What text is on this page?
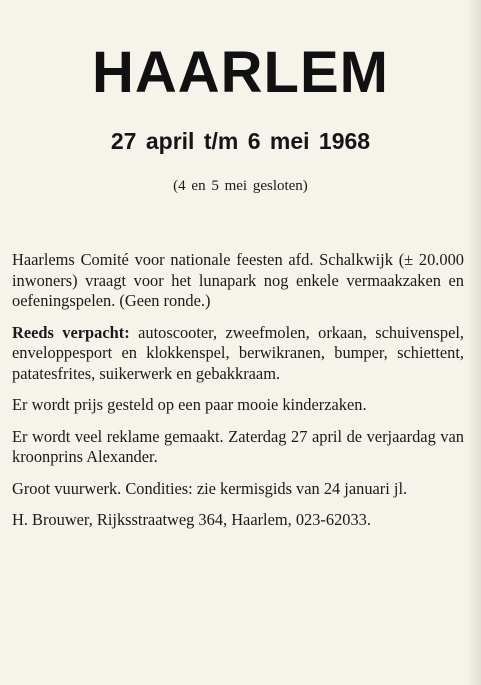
HAARLEM
27 april t/m 6 mei 1968
(4 en 5 mei gesloten)

Haarlems Comité voor nationale feesten afd. Schalkwijk (± 20.000 inwoners) vraagt voor het lunapark nog enkele vermaakzaken en oefeningspelen. (Geen ronde.)

Reeds verpacht: autoscooter, zweefmolen, orkaan, schuivenspel, enveloppesport en klokkenspel, berwikranen, bumper, schiettent, patatesfrites, suikerwerk en gebakkraam.

Er wordt prijs gesteld op een paar mooie kinderzaken.

Er wordt veel reklame gemaakt. Zaterdag 27 april de verjaardag van kroonprins Alexander.

Groot vuurwerk. Condities: zie kermisgids van 24 januari jl.

H. Brouwer, Rijksstraatweg 364, Haarlem, 023-62033.
